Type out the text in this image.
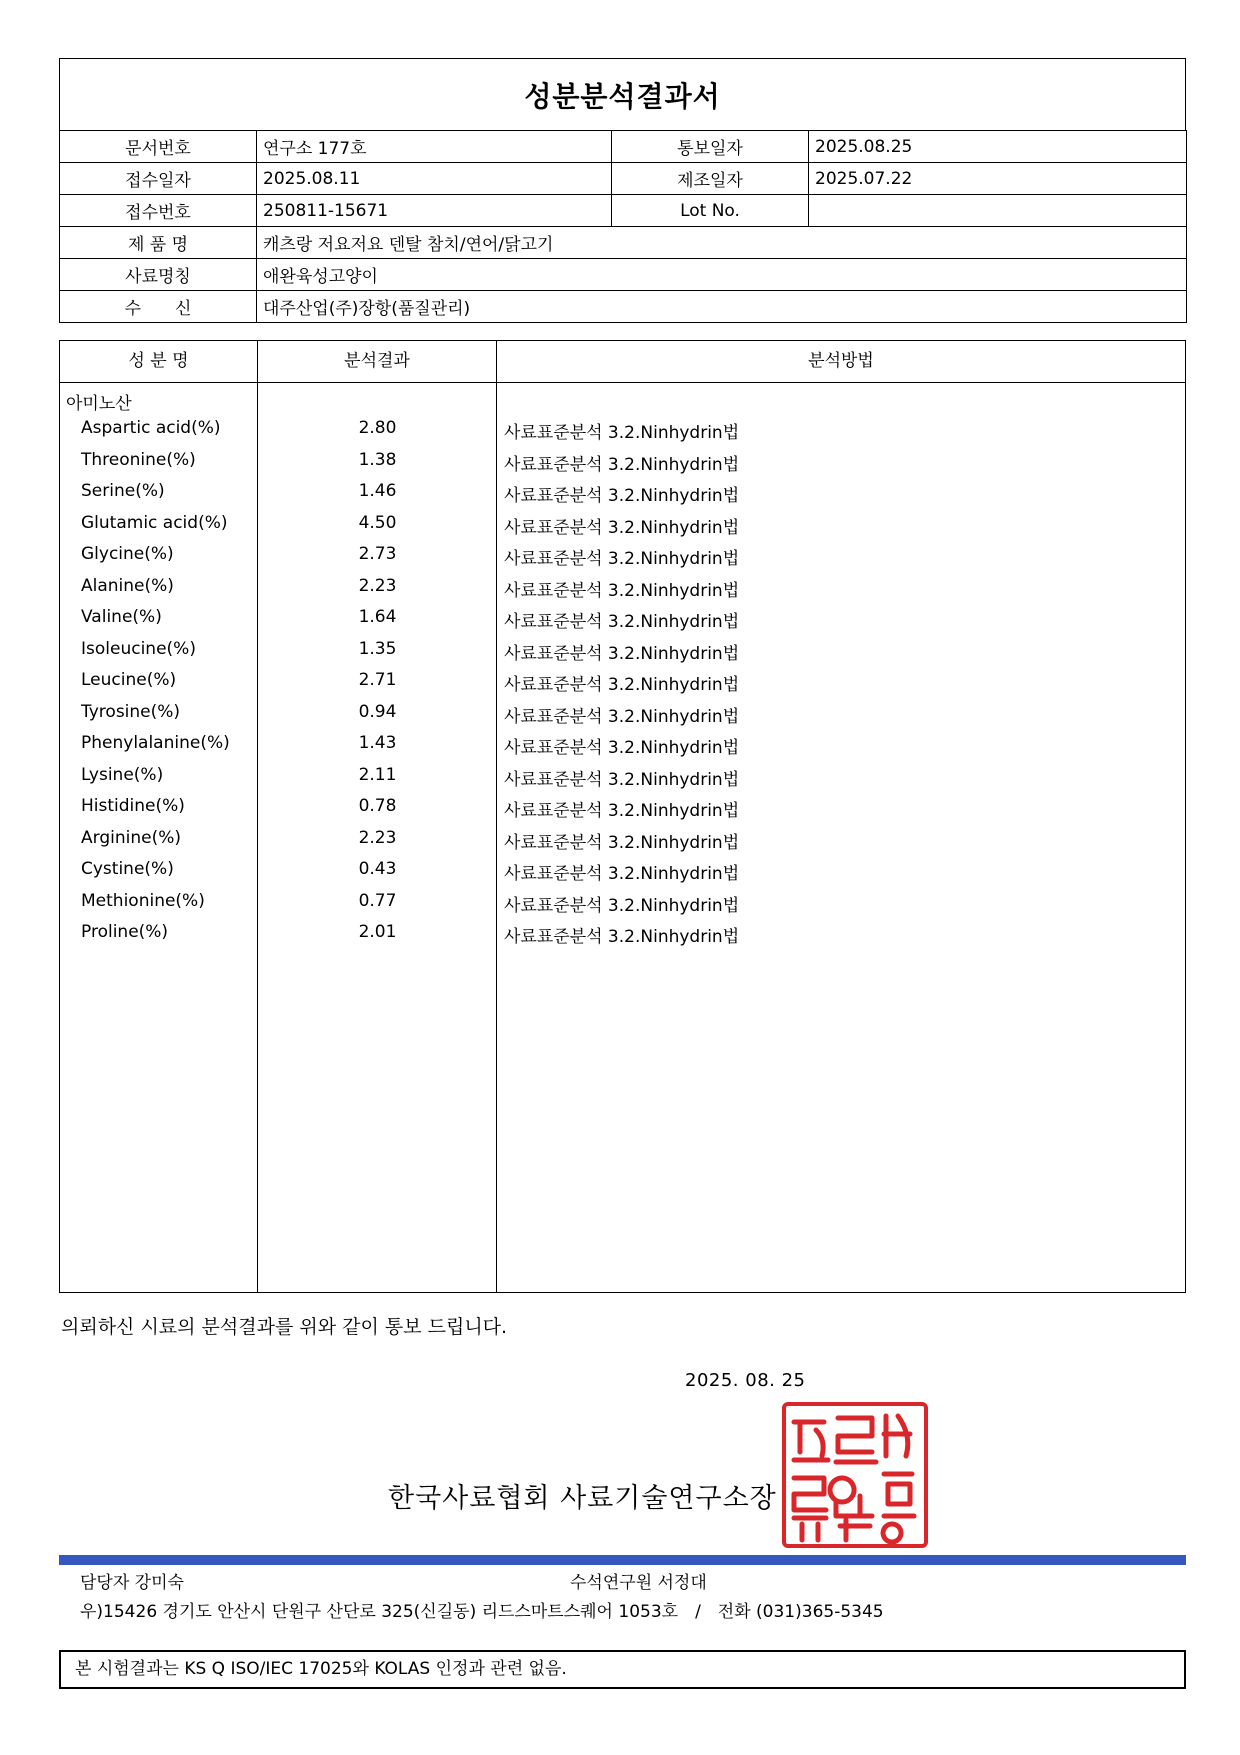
성분분석결과서
문서번호	연구소 177호	통보일자	2025.08.25
접수일자	2025.08.11	제조일자	2025.07.22
접수번호	250811-15671	Lot No.	
제 품 명	캐츠랑 저요저요 덴탈 참치/연어/닭고기		
사료명칭	애완육성고양이		
수　　신	대주산업(주)장항(품질관리)		
성 분 명	분석결과	분석방법
아미노산
Aspartic acid(%)	2.80	사료표준분석 3.2.Ninhydrin법
Threonine(%)	1.38	사료표준분석 3.2.Ninhydrin법
Serine(%)	1.46	사료표준분석 3.2.Ninhydrin법
Glutamic acid(%)	4.50	사료표준분석 3.2.Ninhydrin법
Glycine(%)	2.73	사료표준분석 3.2.Ninhydrin법
Alanine(%)	2.23	사료표준분석 3.2.Ninhydrin법
Valine(%)	1.64	사료표준분석 3.2.Ninhydrin법
Isoleucine(%)	1.35	사료표준분석 3.2.Ninhydrin법
Leucine(%)	2.71	사료표준분석 3.2.Ninhydrin법
Tyrosine(%)	0.94	사료표준분석 3.2.Ninhydrin법
Phenylalanine(%)	1.43	사료표준분석 3.2.Ninhydrin법
Lysine(%)	2.11	사료표준분석 3.2.Ninhydrin법
Histidine(%)	0.78	사료표준분석 3.2.Ninhydrin법
Arginine(%)	2.23	사료표준분석 3.2.Ninhydrin법
Cystine(%)	0.43	사료표준분석 3.2.Ninhydrin법
Methionine(%)	0.77	사료표준분석 3.2.Ninhydrin법
Proline(%)	2.01	사료표준분석 3.2.Ninhydrin법
의뢰하신 시료의 분석결과를 위와 같이 통보 드립니다.
2025. 08. 25
한국사료협회 사료기술연구소장
담당자 강미숙	수석연구원 서정대
우)15426 경기도 안산시 단원구 산단로 325(신길동) 리드스마트스퀘어 1053호　/　전화 (031)365-5345
본 시험결과는 KS Q ISO/IEC 17025와 KOLAS 인정과 관련 없음.
